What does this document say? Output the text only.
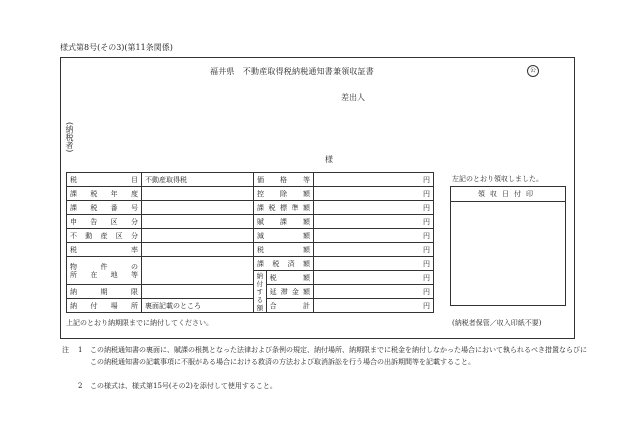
様式第8号(その3)(第11条関係)
福井県　不動産取得税納税通知書兼領収証書	公
差出人
(納税者)
様
税　　目	不動産取得税	価格等		円
課税年度		控除額		円
課税番号		課税標準額		円
申告区分		賦課額		円
不動産区分		減額		円
税　　率		税額		円

物件の
所在地等		課税済額		円
		納付する額	税額	円
納期限			延滞金額	円
納付場所	裏面記載のところ		合計	円
左記のとおり領収しました。
領収日付印
上記のとおり納期限までに納付してください。	(納税者保管／収入印紙不要)
注 1 この納税通知書の裏面に、賦課の根拠となった法律および条例の規定、納付場所、納期限までに税金を納付しなかった場合において執られるべき措置ならびにこの納税通知書の記載事項に不服がある場合における救済の方法および取消訴訟を行う場合の出訴期間等を記載すること。
2 この様式は、様式第15号(その2)を添付して使用すること。
